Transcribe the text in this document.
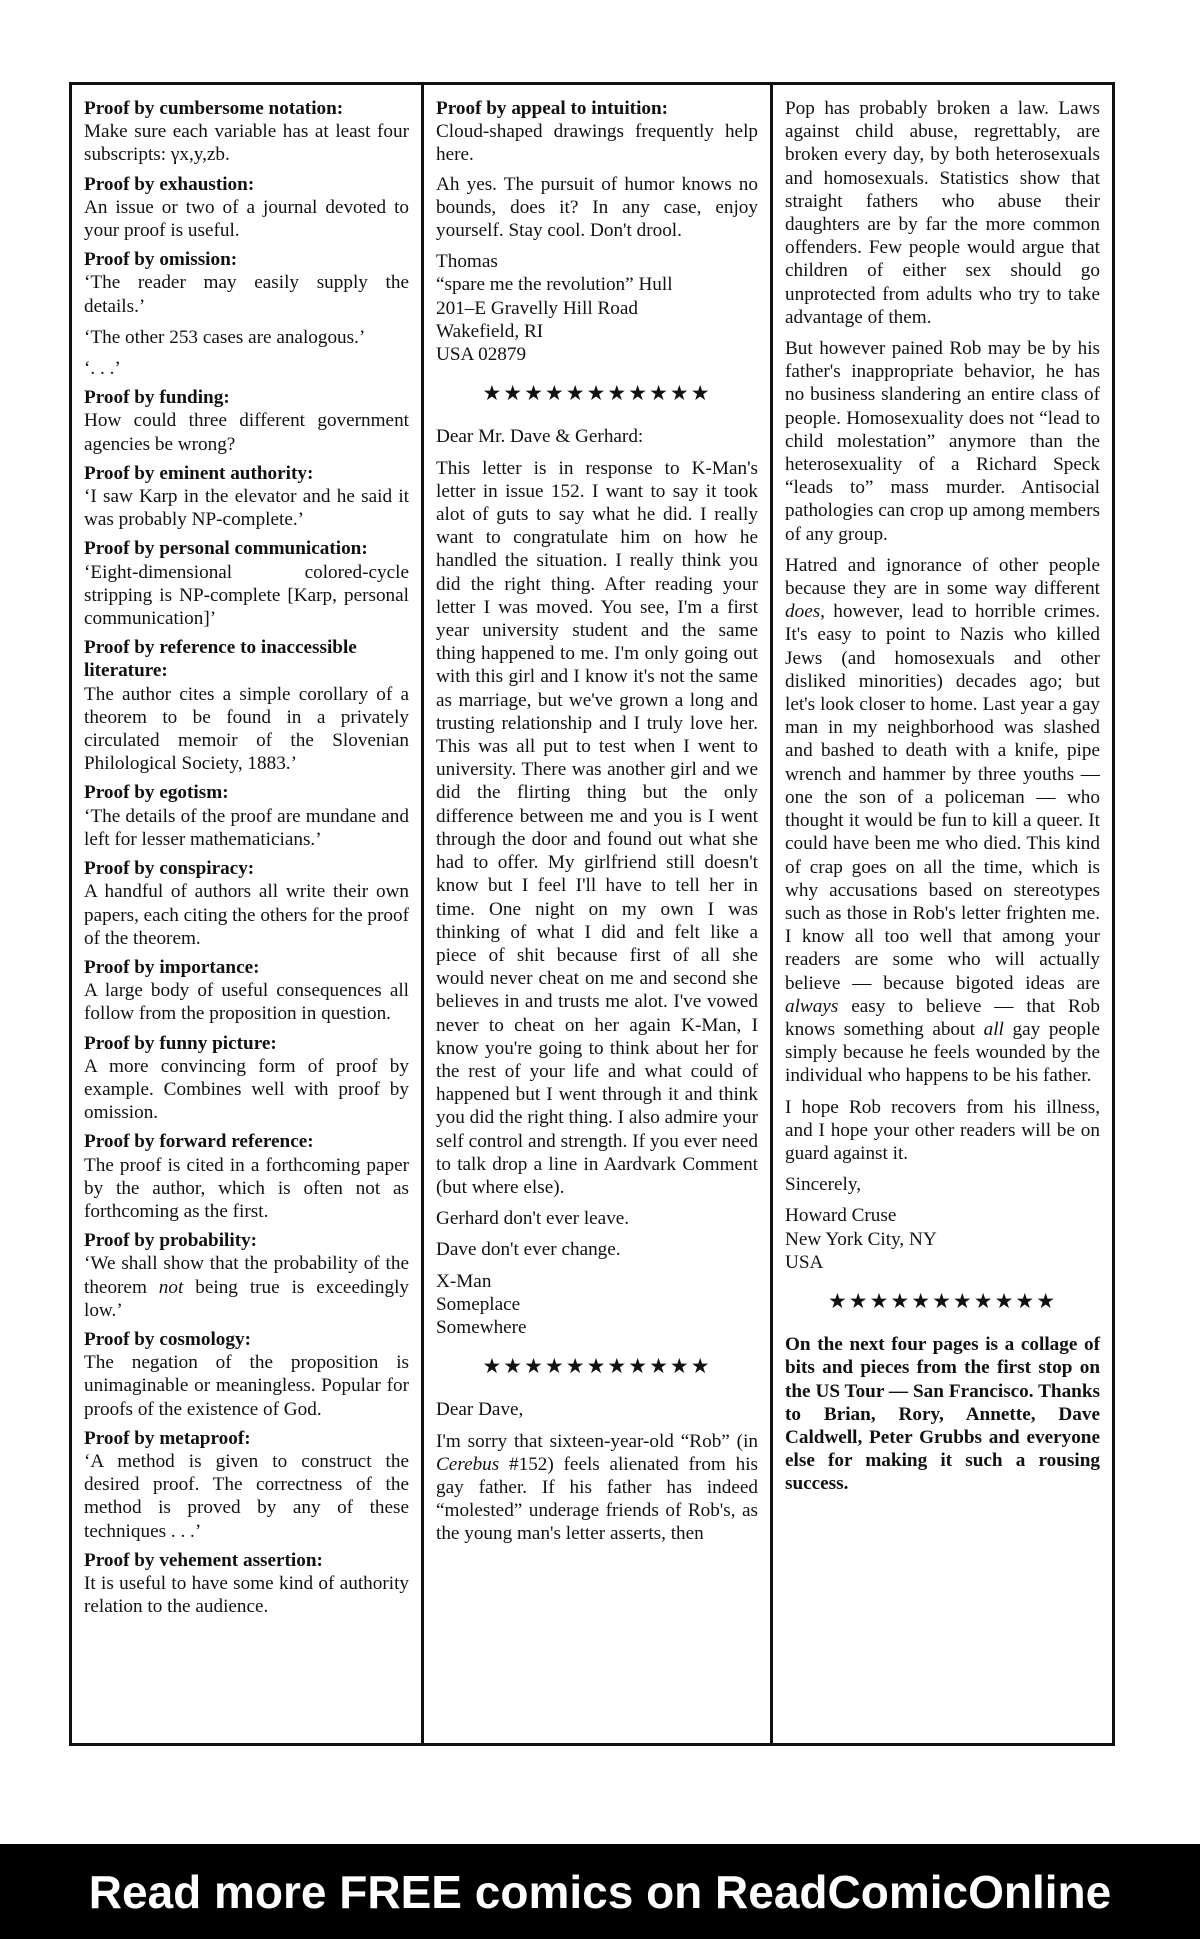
Proof by cumbersome notation:
Make sure each variable has at least four subscripts: γx,y,zb.
Proof by exhaustion:
An issue or two of a journal devoted to your proof is useful.
Proof by omission:
‘The reader may easily supply the details.’
‘The other 253 cases are analogous.’
‘. . .’
Proof by funding:
How could three different government agencies be wrong?
Proof by eminent authority:
‘I saw Karp in the elevator and he said it was probably NP-complete.’
Proof by personal communication:
‘Eight-dimensional colored-cycle stripping is NP-complete [Karp, personal communication]’
Proof by reference to inaccessible literature:
The author cites a simple corollary of a theorem to be found in a privately circulated memoir of the Slovenian Philological Society, 1883.’
Proof by egotism:
‘The details of the proof are mundane and left for lesser mathematicians.’
Proof by conspiracy:
A handful of authors all write their own papers, each citing the others for the proof of the theorem.
Proof by importance:
A large body of useful consequences all follow from the proposition in question.
Proof by funny picture:
A more convincing form of proof by example. Combines well with proof by omission.
Proof by forward reference:
The proof is cited in a forthcoming paper by the author, which is often not as forthcoming as the first.
Proof by probability:
‘We shall show that the probability of the theorem not being true is exceedingly low.’
Proof by cosmology:
The negation of the proposition is unimaginable or meaningless. Popular for proofs of the existence of God.
Proof by metaproof:
‘A method is given to construct the desired proof. The correctness of the method is proved by any of these techniques . . .’
Proof by vehement assertion:
It is useful to have some kind of authority relation to the audience.
Proof by appeal to intuition:
Cloud-shaped drawings frequently help here.

Ah yes. The pursuit of humor knows no bounds, does it? In any case, enjoy yourself. Stay cool. Don't drool.

Thomas
“spare me the revolution” Hull
201–E Gravelly Hill Road
Wakefield, RI
USA 02879
★★★★★★★★★★★

Dear Mr. Dave & Gerhard:

This letter is in response to K-Man's letter in issue 152. I want to say it took alot of guts to say what he did. I really want to congratulate him on how he handled the situation. I really think you did the right thing. After reading your letter I was moved. You see, I'm a first year university student and the same thing happened to me. I'm only going out with this girl and I know it's not the same as marriage, but we've grown a long and trusting relationship and I truly love her. This was all put to test when I went to university. There was another girl and we did the flirting thing but the only difference between me and you is I went through the door and found out what she had to offer. My girlfriend still doesn't know but I feel I'll have to tell her in time. One night on my own I was thinking of what I did and felt like a piece of shit because first of all she would never cheat on me and second she believes in and trusts me alot. I've vowed never to cheat on her again K-Man, I know you're going to think about her for the rest of your life and what could of happened but I went through it and think you did the right thing. I also admire your self control and strength. If you ever need to talk drop a line in Aardvark Comment (but where else).

Gerhard don't ever leave.

Dave don't ever change.

X-Man
Someplace
Somewhere
★★★★★★★★★★★

Dear Dave,

I'm sorry that sixteen-year-old “Rob” (in Cerebus #152) feels alienated from his gay father. If his father has indeed “molested” underage friends of Rob's, as the young man's letter asserts, then

Pop has probably broken a law. Laws against child abuse, regrettably, are broken every day, by both heterosexuals and homosexuals. Statistics show that straight fathers who abuse their daughters are by far the more common offenders. Few people would argue that children of either sex should go unprotected from adults who try to take advantage of them.

But however pained Rob may be by his father's inappropriate behavior, he has no business slandering an entire class of people. Homosexuality does not “lead to child molestation” anymore than the heterosexuality of a Richard Speck “leads to” mass murder. Antisocial pathologies can crop up among members of any group.

Hatred and ignorance of other people because they are in some way different does, however, lead to horrible crimes. It's easy to point to Nazis who killed Jews (and homosexuals and other disliked minorities) decades ago; but let's look closer to home. Last year a gay man in my neighborhood was slashed and bashed to death with a knife, pipe wrench and hammer by three youths — one the son of a policeman — who thought it would be fun to kill a queer. It could have been me who died. This kind of crap goes on all the time, which is why accusations based on stereotypes such as those in Rob's letter frighten me. I know all too well that among your readers are some who will actually believe — because bigoted ideas are always easy to believe — that Rob knows something about all gay people simply because he feels wounded by the individual who happens to be his father.

I hope Rob recovers from his illness, and I hope your other readers will be on guard against it.

Sincerely,

Howard Cruse
New York City, NY
USA
★★★★★★★★★★★

On the next four pages is a collage of bits and pieces from the first stop on the US Tour — San Francisco. Thanks to Brian, Rory, Annette, Dave Caldwell, Peter Grubbs and everyone else for making it such a rousing success.

Read more FREE comics on ReadComicOnline
